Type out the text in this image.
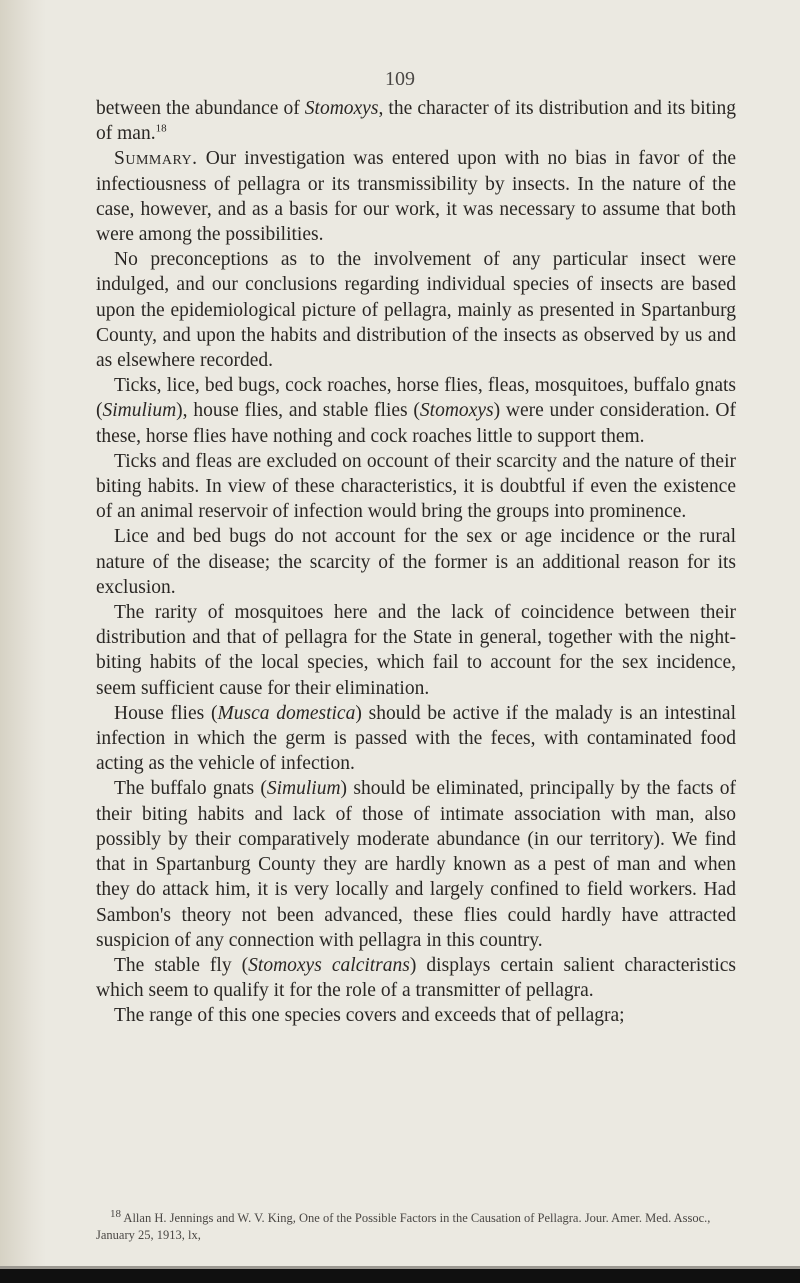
109

between the abundance of Stomoxys, the character of its distribution and its biting of man.$^{18}$

Summary. Our investigation was entered upon with no bias in favor of the infectiousness of pellagra or its transmissibility by insects. In the nature of the case, however, and as a basis for our work, it was necessary to assume that both were among the possibilities.

No preconceptions as to the involvement of any particular insect were indulged, and our conclusions regarding individual species of insects are based upon the epidemiological picture of pellagra, mainly as presented in Spartanburg County, and upon the habits and distribution of the insects as observed by us and as elsewhere recorded.

Ticks, lice, bed bugs, cock roaches, horse flies, fleas, mosquitoes, buffalo gnats (Simulium), house flies, and stable flies (Stomoxys) were under consideration. Of these, horse flies have nothing and cock roaches little to support them.

Ticks and fleas are excluded on occount of their scarcity and the nature of their biting habits. In view of these characteristics, it is doubtful if even the existence of an animal reservoir of infection would bring the groups into prominence.

Lice and bed bugs do not account for the sex or age incidence or the rural nature of the disease; the scarcity of the former is an additional reason for its exclusion.

The rarity of mosquitoes here and the lack of coincidence between their distribution and that of pellagra for the State in general, together with the night-biting habits of the local species, which fail to account for the sex incidence, seem sufficient cause for their elimination.

House flies (Musca domestica) should be active if the malady is an intestinal infection in which the germ is passed with the feces, with contaminated food acting as the vehicle of infection.

The buffalo gnats (Simulium) should be eliminated, principally by the facts of their biting habits and lack of those of intimate association with man, also possibly by their comparatively moderate abundance (in our territory). We find that in Spartanburg County they are hardly known as a pest of man and when they do attack him, it is very locally and largely confined to field workers. Had Sambon's theory not been advanced, these flies could hardly have attracted suspicion of any connection with pellagra in this country.

The stable fly (Stomoxys calcitrans) displays certain salient characteristics which seem to qualify it for the role of a transmitter of pellagra.

The range of this one species covers and exceeds that of pellagra;

$^{18}$ Allan H. Jennings and W. V. King, One of the Possible Factors in the Causation of Pellagra. Jour. Amer. Med. Assoc., January 25, 1913, lx,
